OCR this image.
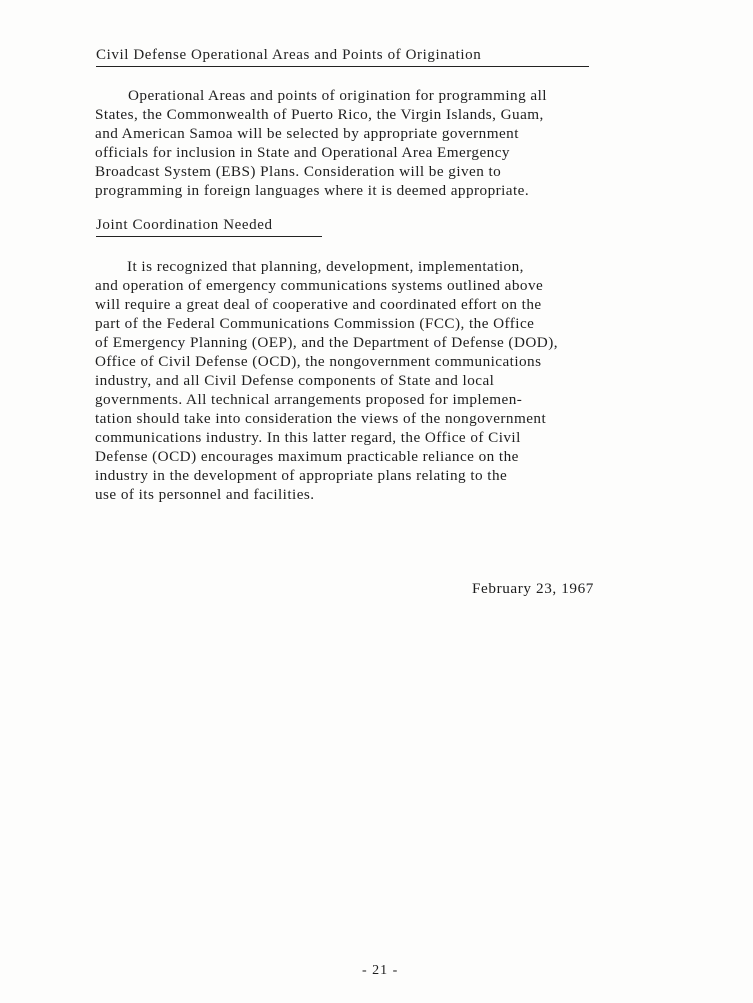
Civil Defense Operational Areas and Points of Origination
Operational Areas and points of origination for programming all
States, the Commonwealth of Puerto Rico, the Virgin Islands, Guam,
and American Samoa will be selected by appropriate government
officials for inclusion in State and Operational Area Emergency
Broadcast System (EBS) Plans. Consideration will be given to
programming in foreign languages where it is deemed appropriate.
Joint Coordination Needed
It is recognized that planning, development, implementation,
and operation of emergency communications systems outlined above
will require a great deal of cooperative and coordinated effort on the
part of the Federal Communications Commission (FCC), the Office
of Emergency Planning (OEP), and the Department of Defense (DOD),
Office of Civil Defense (OCD), the nongovernment communications
industry, and all Civil Defense components of State and local
governments. All technical arrangements proposed for implemen-
tation should take into consideration the views of the nongovernment
communications industry. In this latter regard, the Office of Civil
Defense (OCD) encourages maximum practicable reliance on the
industry in the development of appropriate plans relating to the
use of its personnel and facilities.
February 23, 1967
- 21 -
